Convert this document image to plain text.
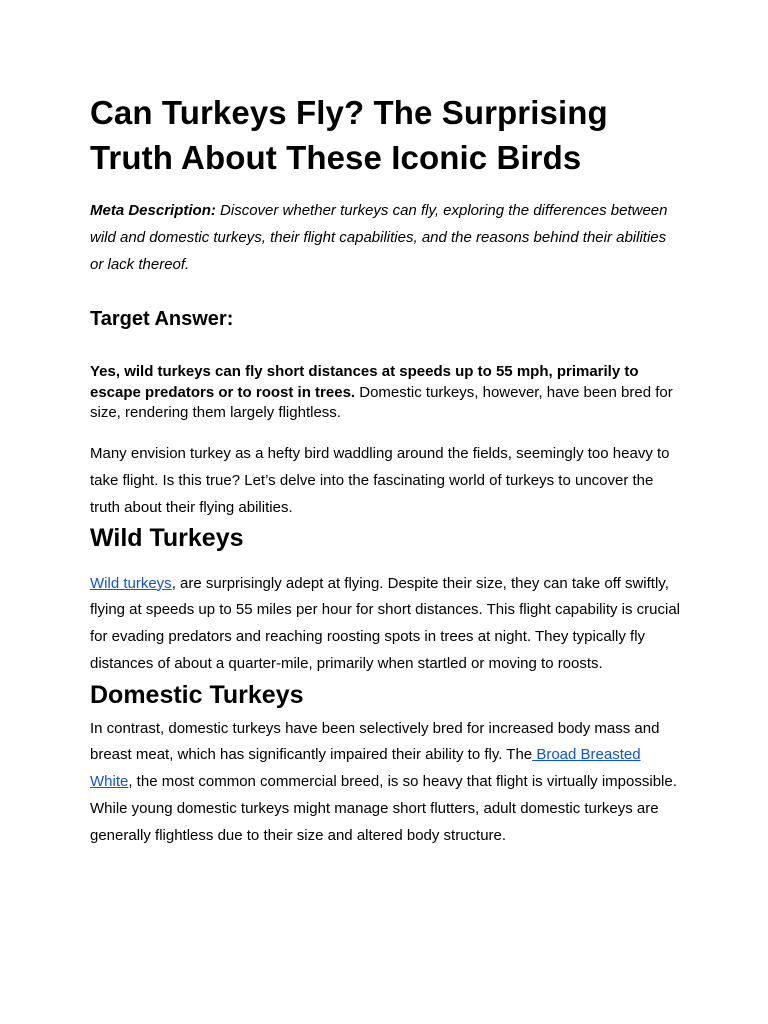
Can Turkeys Fly? The Surprising Truth About These Iconic Birds

Meta Description: Discover whether turkeys can fly, exploring the differences between wild and domestic turkeys, their flight capabilities, and the reasons behind their abilities or lack thereof.

Target Answer:

Yes, wild turkeys can fly short distances at speeds up to 55 mph, primarily to escape predators or to roost in trees. Domestic turkeys, however, have been bred for size, rendering them largely flightless.

Many envision turkey as a hefty bird waddling around the fields, seemingly too heavy to take flight. Is this true? Let’s delve into the fascinating world of turkeys to uncover the truth about their flying abilities.

Wild Turkeys

Wild turkeys, are surprisingly adept at flying. Despite their size, they can take off swiftly, flying at speeds up to 55 miles per hour for short distances. This flight capability is crucial for evading predators and reaching roosting spots in trees at night. They typically fly distances of about a quarter-mile, primarily when startled or moving to roosts.

Domestic Turkeys

In contrast, domestic turkeys have been selectively bred for increased body mass and breast meat, which has significantly impaired their ability to fly. The Broad Breasted White, the most common commercial breed, is so heavy that flight is virtually impossible. While young domestic turkeys might manage short flutters, adult domestic turkeys are generally flightless due to their size and altered body structure.
